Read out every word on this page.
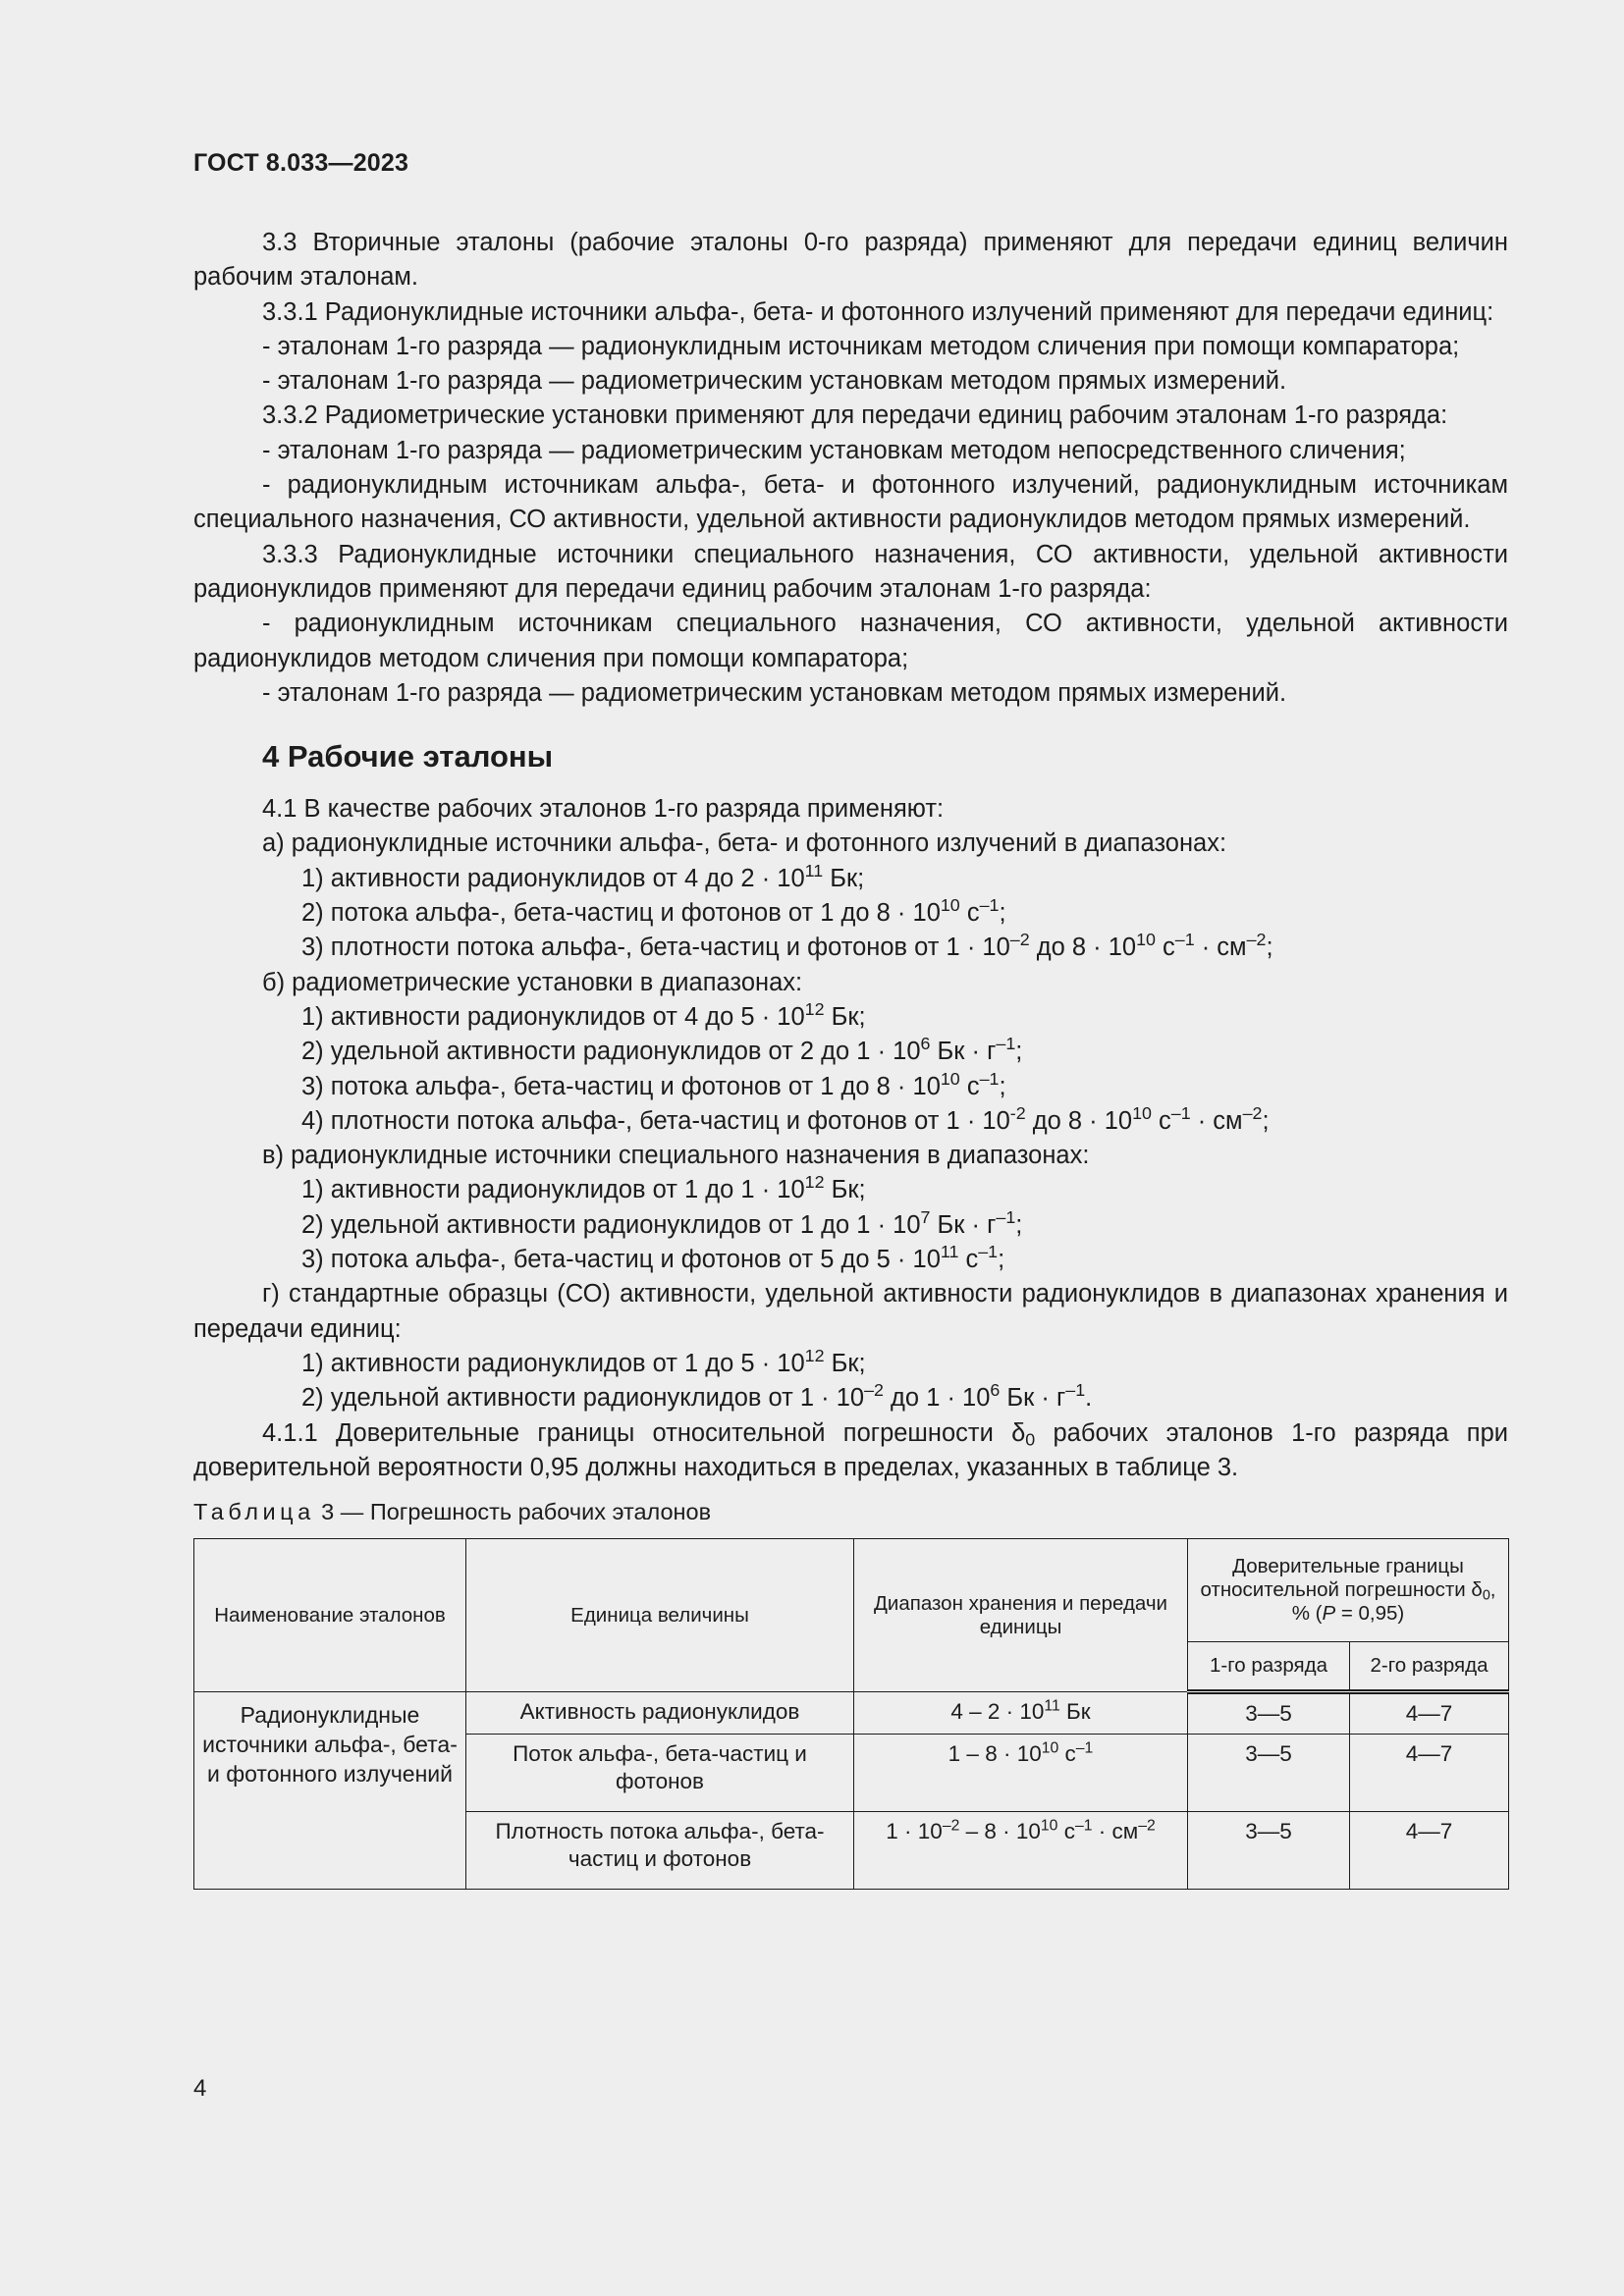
ГОСТ 8.033—2023

3.3 Вторичные эталоны (рабочие эталоны 0-го разряда) применяют для передачи единиц величин рабочим эталонам.

3.3.1 Радионуклидные источники альфа-, бета- и фотонного излучений применяют для передачи единиц:

- эталонам 1-го разряда — радионуклидным источникам методом сличения при помощи компаратора;

- эталонам 1-го разряда — радиометрическим установкам методом прямых измерений.

3.3.2 Радиометрические установки применяют для передачи единиц рабочим эталонам 1-го разряда:

- эталонам 1-го разряда — радиометрическим установкам методом непосредственного сличения;

- радионуклидным источникам альфа-, бета- и фотонного излучений, радионуклидным источникам специального назначения, СО активности, удельной активности радионуклидов методом прямых измерений.

3.3.3 Радионуклидные источники специального назначения, СО активности, удельной активности радионуклидов применяют для передачи единиц рабочим эталонам 1-го разряда:

- радионуклидным источникам специального назначения, СО активности, удельной активности радионуклидов методом сличения при помощи компаратора;

- эталонам 1-го разряда — радиометрическим установкам методом прямых измерений.

4 Рабочие эталоны

4.1 В качестве рабочих эталонов 1-го разряда применяют:

а) радионуклидные источники альфа-, бета- и фотонного излучений в диапазонах:

1) активности радионуклидов от 4 до $2 \cdot 10^{11}$ Бк;

2) потока альфа-, бета-частиц и фотонов от 1 до $8 \cdot 10^{10}$ $с^{-1}$;

3) плотности потока альфа-, бета-частиц и фотонов от $1 \cdot 10^{-2}$ до $8 \cdot 10^{10}$ $с^{-1} \cdot см^{-2}$;

б) радиометрические установки в диапазонах:

1) активности радионуклидов от 4 до $5 \cdot 10^{12}$ Бк;

2) удельной активности радионуклидов от 2 до $1 \cdot 10^6$ Бк · $г^{-1}$;

3) потока альфа-, бета-частиц и фотонов от 1 до $8 \cdot 10^{10}$ $с^{-1}$;

4) плотности потока альфа-, бета-частиц и фотонов от $1 \cdot 10^{-2}$ до $8 \cdot 10^{10}$ $с^{-1} \cdot см^{-2}$;

в) радионуклидные источники специального назначения в диапазонах:

1) активности радионуклидов от 1 до $1 \cdot 10^{12}$ Бк;

2) удельной активности радионуклидов от 1 до $1 \cdot 10^7$ Бк · $г^{-1}$;

3) потока альфа-, бета-частиц и фотонов от 5 до $5 \cdot 10^{11}$ $с^{-1}$;

г) стандартные образцы (СО) активности, удельной активности радионуклидов в диапазонах хранения и передачи единиц:

1) активности радионуклидов от 1 до $5 \cdot 10^{12}$ Бк;

2) удельной активности радионуклидов от $1 \cdot 10^{-2}$ до $1 \cdot 10^6$ Бк · $г^{-1}$.

4.1.1 Доверительные границы относительной погрешности $\delta_0$ рабочих эталонов 1-го разряда при доверительной вероятности 0,95 должны находиться в пределах, указанных в таблице 3.

Таблица 3 — Погрешность рабочих эталонов
Наименование эталонов	Единица величины	Диапазон хранения и передачи единицы	Доверительные границы относительной погрешности $\delta_0$, % (Р = 0,95)	
			1-го разряда	2-го разряда
Радионуклидные источники альфа-, бета- и фотонного излучений	Активность радионуклидов	$4 - 2 \cdot 10^{11}$ Бк	3—5	4—7
	Поток альфа-, бета-частиц и фотонов	$1 - 8 \cdot 10^{10}$ $с^{-1}$	3—5	4—7
	Плотность потока альфа-, бета-частиц и фотонов	$1 \cdot 10^{-2} - 8 \cdot 10^{10}$ $с^{-1} \cdot см^{-2}$	3—5	4—7
4
